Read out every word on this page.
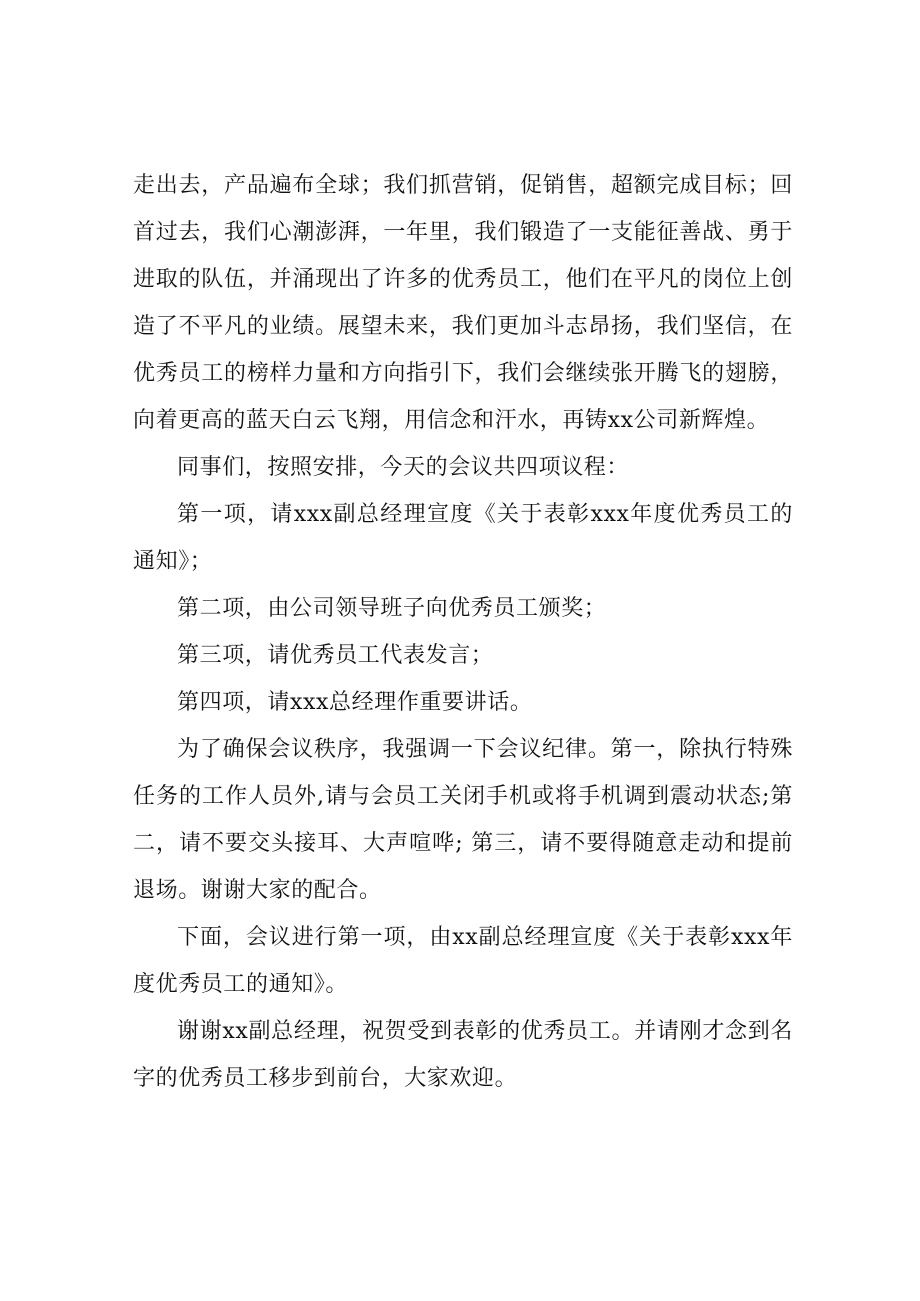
走出去，产品遍布全球；我们抓营销，促销售，超额完成目标；回首过去，我们心潮澎湃，一年里，我们锻造了一支能征善战、勇于进取的队伍，并涌现出了许多的优秀员工，他们在平凡的岗位上创造了不平凡的业绩。展望未来，我们更加斗志昂扬，我们坚信，在优秀员工的榜样力量和方向指引下，我们会继续张开腾飞的翅膀，向着更高的蓝天白云飞翔，用信念和汗水，再铸xx公司新辉煌。

同事们，按照安排，今天的会议共四项议程：

第一项，请xxx副总经理宣度《关于表彰xxx年度优秀员工的通知》；

第二项，由公司领导班子向优秀员工颁奖；

第三项，请优秀员工代表发言；

第四项，请xxx总经理作重要讲话。

为了确保会议秩序，我强调一下会议纪律。第一，除执行特殊任务的工作人员外,请与会员工关闭手机或将手机调到震动状态;第二，请不要交头接耳、大声喧哗; 第三，请不要得随意走动和提前退场。谢谢大家的配合。

下面，会议进行第一项，由xx副总经理宣度《关于表彰xxx年度优秀员工的通知》。

谢谢xx副总经理，祝贺受到表彰的优秀员工。并请刚才念到名字的优秀员工移步到前台，大家欢迎。
